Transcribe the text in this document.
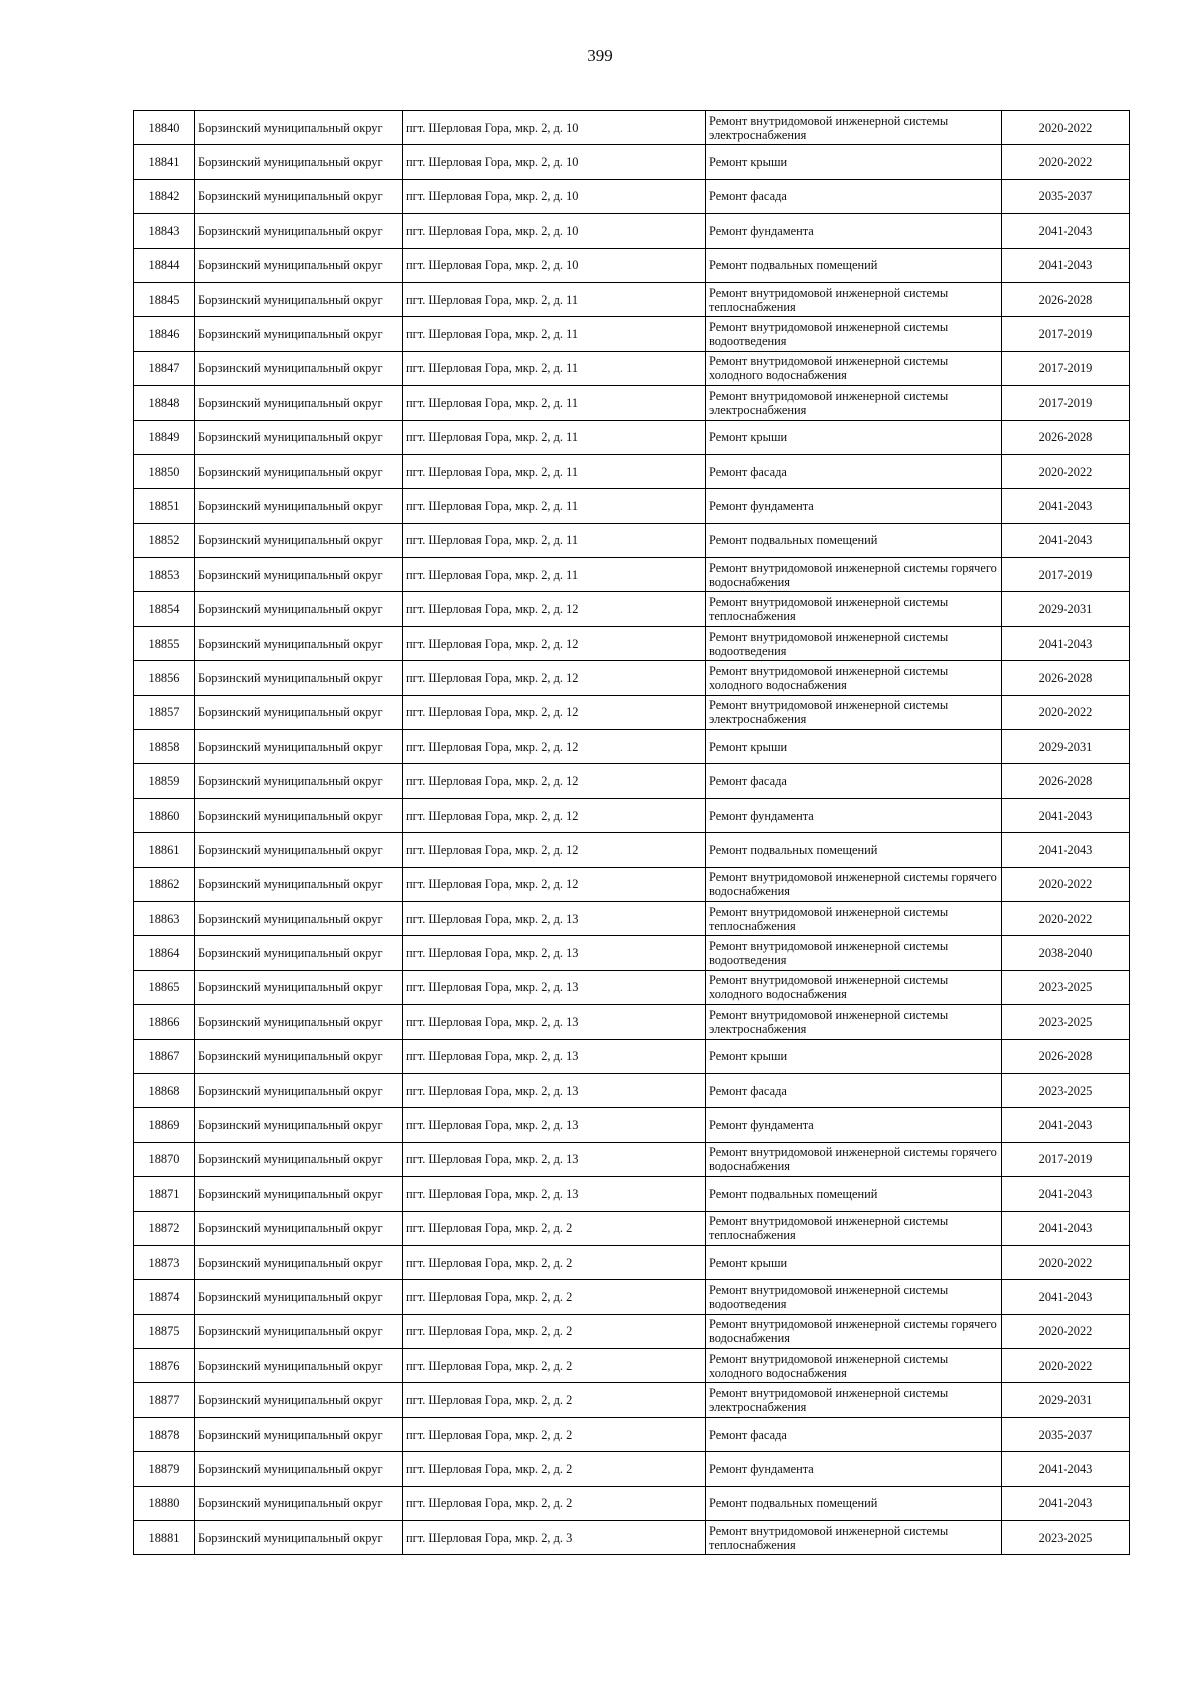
399
18840	Борзинский муниципальный округ	пгт. Шерловая Гора, мкр. 2, д. 10	Ремонт внутридомовой инженерной системы электроснабжения	2020-2022
18841	Борзинский муниципальный округ	пгт. Шерловая Гора, мкр. 2, д. 10	Ремонт крыши	2020-2022
18842	Борзинский муниципальный округ	пгт. Шерловая Гора, мкр. 2, д. 10	Ремонт фасада	2035-2037
18843	Борзинский муниципальный округ	пгт. Шерловая Гора, мкр. 2, д. 10	Ремонт фундамента	2041-2043
18844	Борзинский муниципальный округ	пгт. Шерловая Гора, мкр. 2, д. 10	Ремонт подвальных помещений	2041-2043
18845	Борзинский муниципальный округ	пгт. Шерловая Гора, мкр. 2, д. 11	Ремонт внутридомовой инженерной системы теплоснабжения	2026-2028
18846	Борзинский муниципальный округ	пгт. Шерловая Гора, мкр. 2, д. 11	Ремонт внутридомовой инженерной системы водоотведения	2017-2019
18847	Борзинский муниципальный округ	пгт. Шерловая Гора, мкр. 2, д. 11	Ремонт внутридомовой инженерной системы холодного водоснабжения	2017-2019
18848	Борзинский муниципальный округ	пгт. Шерловая Гора, мкр. 2, д. 11	Ремонт внутридомовой инженерной системы электроснабжения	2017-2019
18849	Борзинский муниципальный округ	пгт. Шерловая Гора, мкр. 2, д. 11	Ремонт крыши	2026-2028
18850	Борзинский муниципальный округ	пгт. Шерловая Гора, мкр. 2, д. 11	Ремонт фасада	2020-2022
18851	Борзинский муниципальный округ	пгт. Шерловая Гора, мкр. 2, д. 11	Ремонт фундамента	2041-2043
18852	Борзинский муниципальный округ	пгт. Шерловая Гора, мкр. 2, д. 11	Ремонт подвальных помещений	2041-2043
18853	Борзинский муниципальный округ	пгт. Шерловая Гора, мкр. 2, д. 11	Ремонт внутридомовой инженерной системы горячего водоснабжения	2017-2019
18854	Борзинский муниципальный округ	пгт. Шерловая Гора, мкр. 2, д. 12	Ремонт внутридомовой инженерной системы теплоснабжения	2029-2031
18855	Борзинский муниципальный округ	пгт. Шерловая Гора, мкр. 2, д. 12	Ремонт внутридомовой инженерной системы водоотведения	2041-2043
18856	Борзинский муниципальный округ	пгт. Шерловая Гора, мкр. 2, д. 12	Ремонт внутридомовой инженерной системы холодного водоснабжения	2026-2028
18857	Борзинский муниципальный округ	пгт. Шерловая Гора, мкр. 2, д. 12	Ремонт внутридомовой инженерной системы электроснабжения	2020-2022
18858	Борзинский муниципальный округ	пгт. Шерловая Гора, мкр. 2, д. 12	Ремонт крыши	2029-2031
18859	Борзинский муниципальный округ	пгт. Шерловая Гора, мкр. 2, д. 12	Ремонт фасада	2026-2028
18860	Борзинский муниципальный округ	пгт. Шерловая Гора, мкр. 2, д. 12	Ремонт фундамента	2041-2043
18861	Борзинский муниципальный округ	пгт. Шерловая Гора, мкр. 2, д. 12	Ремонт подвальных помещений	2041-2043
18862	Борзинский муниципальный округ	пгт. Шерловая Гора, мкр. 2, д. 12	Ремонт внутридомовой инженерной системы горячего водоснабжения	2020-2022
18863	Борзинский муниципальный округ	пгт. Шерловая Гора, мкр. 2, д. 13	Ремонт внутридомовой инженерной системы теплоснабжения	2020-2022
18864	Борзинский муниципальный округ	пгт. Шерловая Гора, мкр. 2, д. 13	Ремонт внутридомовой инженерной системы водоотведения	2038-2040
18865	Борзинский муниципальный округ	пгт. Шерловая Гора, мкр. 2, д. 13	Ремонт внутридомовой инженерной системы холодного водоснабжения	2023-2025
18866	Борзинский муниципальный округ	пгт. Шерловая Гора, мкр. 2, д. 13	Ремонт внутридомовой инженерной системы электроснабжения	2023-2025
18867	Борзинский муниципальный округ	пгт. Шерловая Гора, мкр. 2, д. 13	Ремонт крыши	2026-2028
18868	Борзинский муниципальный округ	пгт. Шерловая Гора, мкр. 2, д. 13	Ремонт фасада	2023-2025
18869	Борзинский муниципальный округ	пгт. Шерловая Гора, мкр. 2, д. 13	Ремонт фундамента	2041-2043
18870	Борзинский муниципальный округ	пгт. Шерловая Гора, мкр. 2, д. 13	Ремонт внутридомовой инженерной системы горячего водоснабжения	2017-2019
18871	Борзинский муниципальный округ	пгт. Шерловая Гора, мкр. 2, д. 13	Ремонт подвальных помещений	2041-2043
18872	Борзинский муниципальный округ	пгт. Шерловая Гора, мкр. 2, д. 2	Ремонт внутридомовой инженерной системы теплоснабжения	2041-2043
18873	Борзинский муниципальный округ	пгт. Шерловая Гора, мкр. 2, д. 2	Ремонт крыши	2020-2022
18874	Борзинский муниципальный округ	пгт. Шерловая Гора, мкр. 2, д. 2	Ремонт внутридомовой инженерной системы водоотведения	2041-2043
18875	Борзинский муниципальный округ	пгт. Шерловая Гора, мкр. 2, д. 2	Ремонт внутридомовой инженерной системы горячего водоснабжения	2020-2022
18876	Борзинский муниципальный округ	пгт. Шерловая Гора, мкр. 2, д. 2	Ремонт внутридомовой инженерной системы холодного водоснабжения	2020-2022
18877	Борзинский муниципальный округ	пгт. Шерловая Гора, мкр. 2, д. 2	Ремонт внутридомовой инженерной системы электроснабжения	2029-2031
18878	Борзинский муниципальный округ	пгт. Шерловая Гора, мкр. 2, д. 2	Ремонт фасада	2035-2037
18879	Борзинский муниципальный округ	пгт. Шерловая Гора, мкр. 2, д. 2	Ремонт фундамента	2041-2043
18880	Борзинский муниципальный округ	пгт. Шерловая Гора, мкр. 2, д. 2	Ремонт подвальных помещений	2041-2043
18881	Борзинский муниципальный округ	пгт. Шерловая Гора, мкр. 2, д. 3	Ремонт внутридомовой инженерной системы теплоснабжения	2023-2025
